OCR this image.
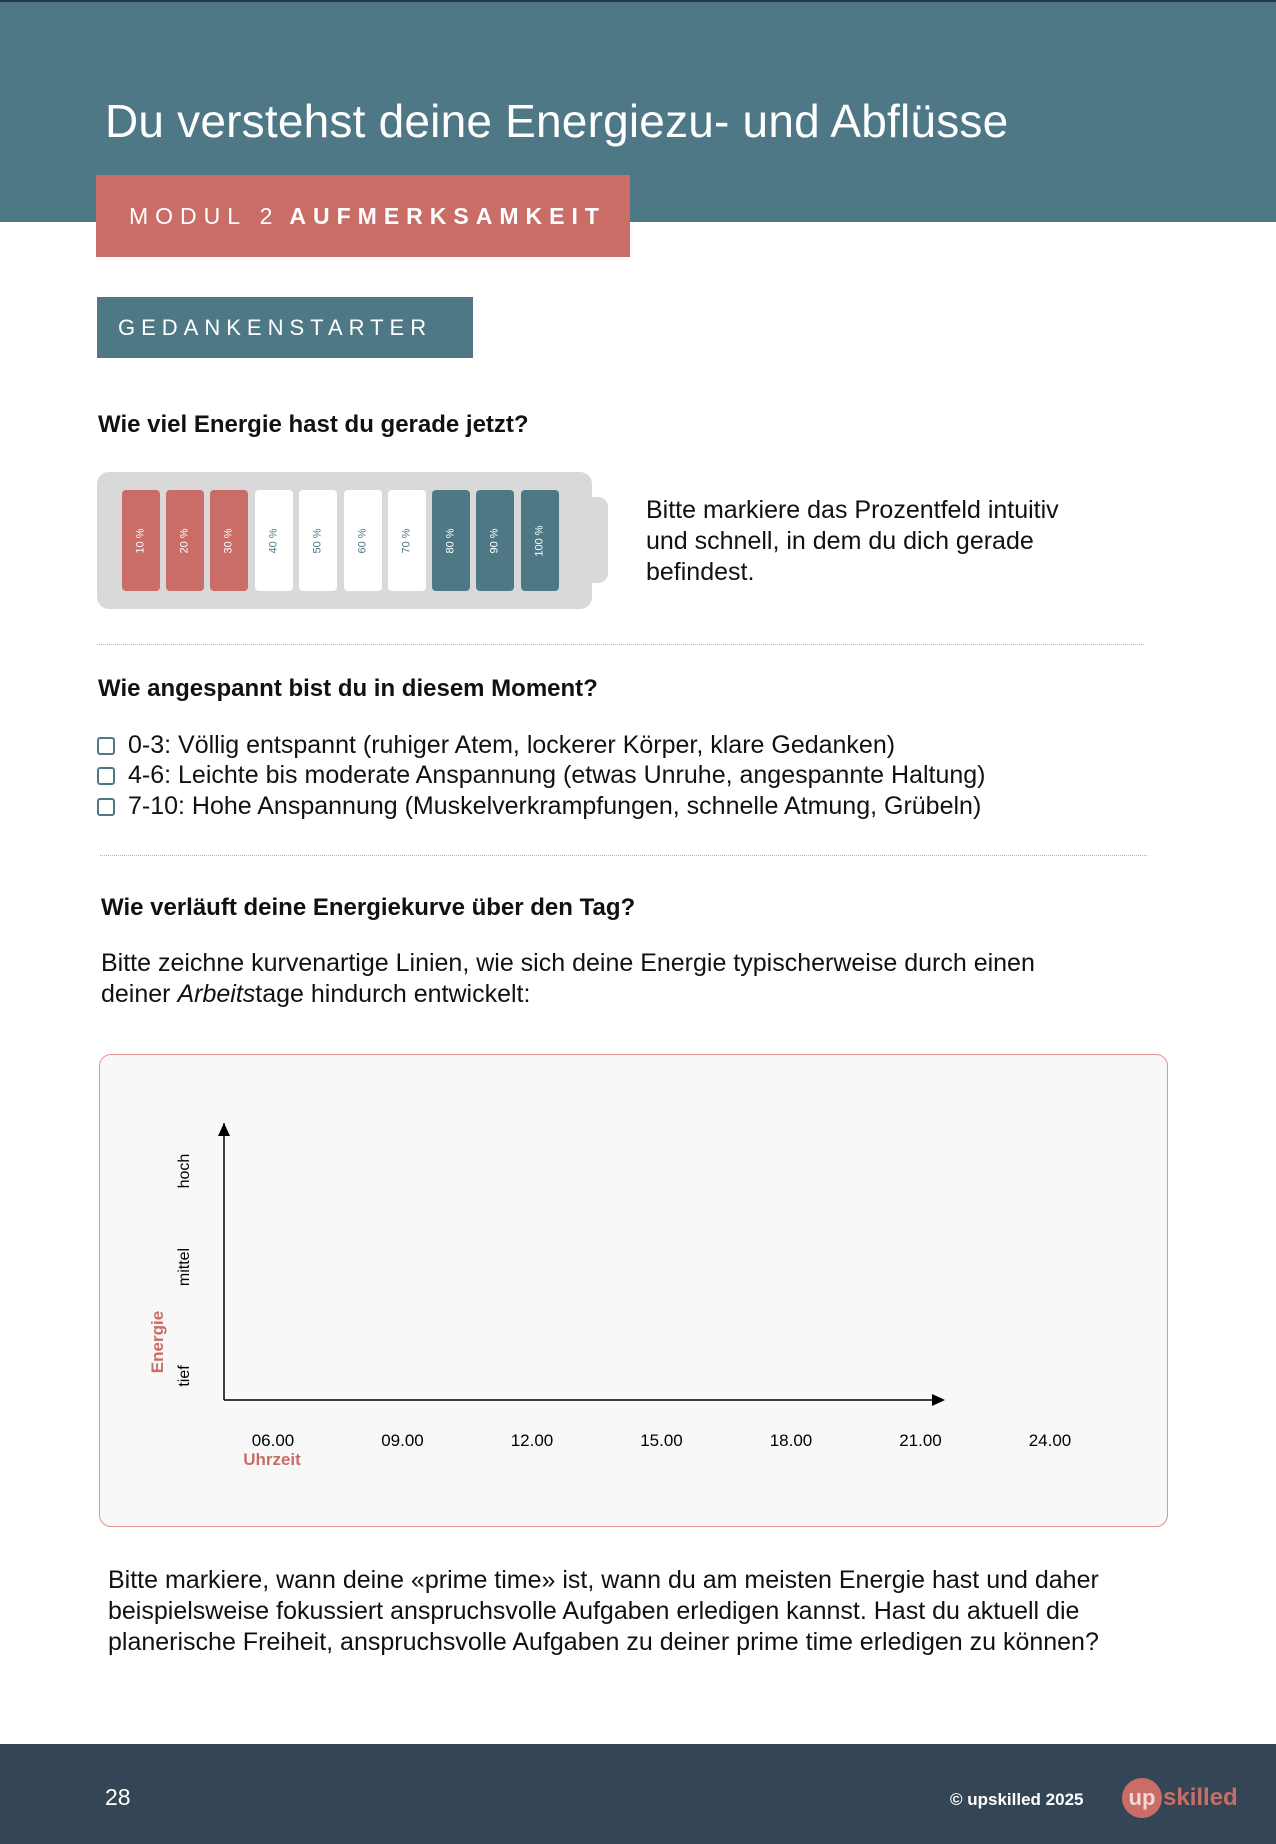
Du verstehst deine Energiezu- und Abflüsse
MODUL 2 AUFMERKSAMKEIT
GEDANKENSTARTER
Wie viel Energie hast du gerade jetzt?
10 %	20 %	30 %	40 %	50 %	60 %	70 %	80 %	90 %	100 %
Bitte markiere das Prozentfeld intuitiv und schnell, in dem du dich gerade befindest.
Wie angespannt bist du in diesem Moment?
0-3: Völlig entspannt (ruhiger Atem, lockerer Körper, klare Gedanken)
4-6: Leichte bis moderate Anspannung (etwas Unruhe, angespannte Haltung)
7-10: Hohe Anspannung (Muskelverkrampfungen, schnelle Atmung, Grübeln)
Wie verläuft deine Energiekurve über den Tag?
Bitte zeichne kurvenartige Linien, wie sich deine Energie typischerweise durch einen deiner Arbeitstage hindurch entwickelt:
tief
mittel
hoch
Energie
06.00	09.00	12.00	15.00	18.00	21.00	24.00
Uhrzeit
Bitte markiere, wann deine «prime time» ist, wann du am meisten Energie hast und daher beispielsweise fokussiert anspruchsvolle Aufgaben erledigen kannst. Hast du aktuell die planerische Freiheit, anspruchsvolle Aufgaben zu deiner prime time erledigen zu können?
28	© upskilled 2025 up skilled
